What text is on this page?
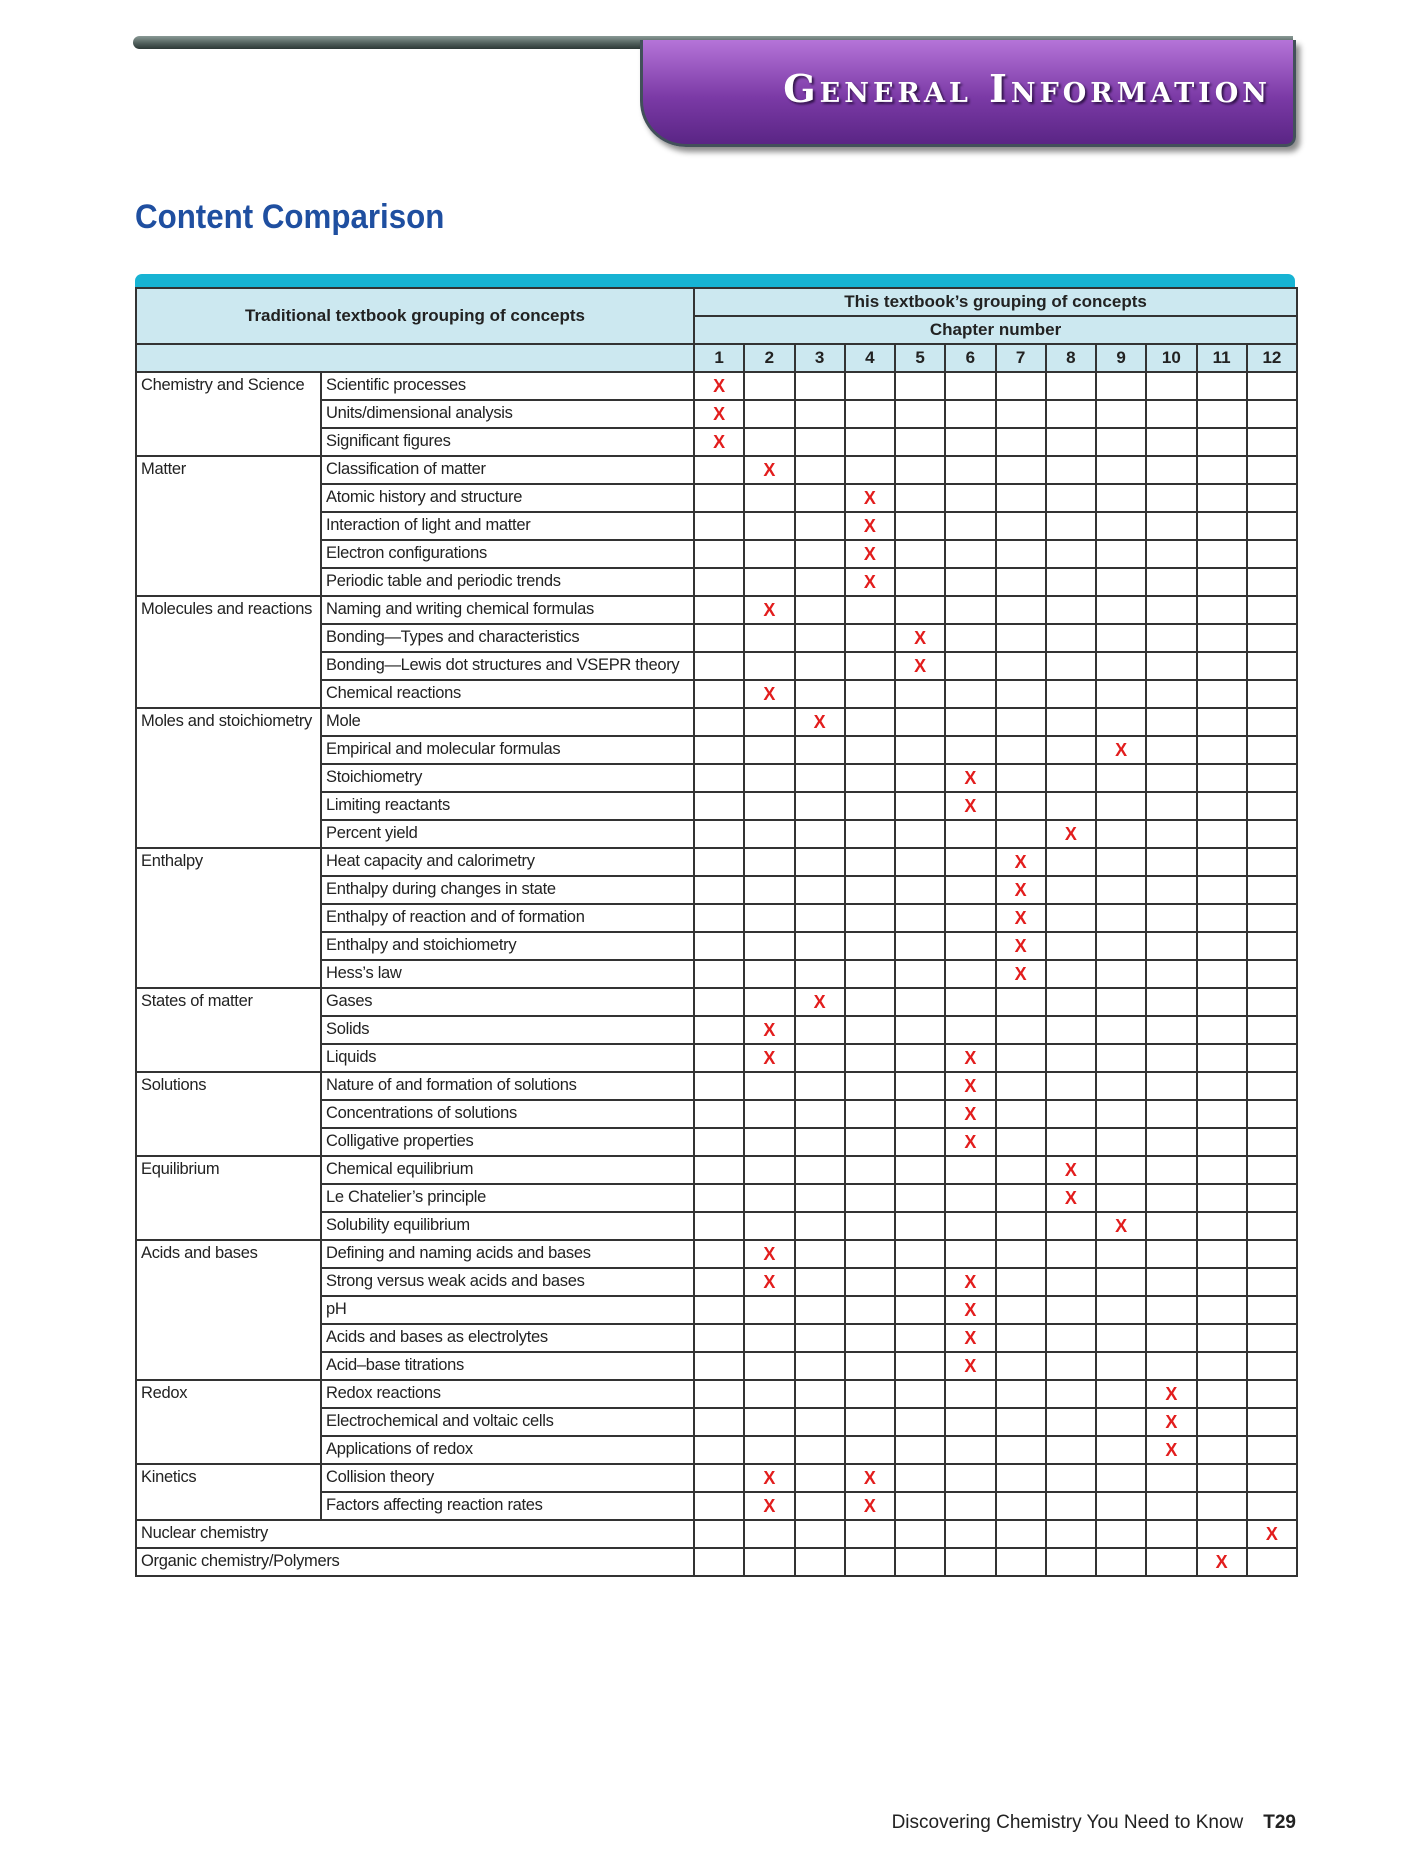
General Information
Content Comparison
Traditional textbook grouping of concepts		This textbook’s grouping of concepts											
		Chapter number											
		1	2	3	4	5	6	7	8	9	10	11	12
Chemistry and Science	Scientific processes	X											
	Units/dimensional analysis	X											
	Significant figures	X											
Matter	Classification of matter		X										
	Atomic history and structure				X								
	Interaction of light and matter				X								
	Electron configurations				X								
	Periodic table and periodic trends				X								
Molecules and reactions	Naming and writing chemical formulas		X										
	Bonding—Types and characteristics					X							
	Bonding—Lewis dot structures and VSEPR theory					X							
	Chemical reactions		X										
Moles and stoichiometry	Mole			X									
	Empirical and molecular formulas									X			
	Stoichiometry						X						
	Limiting reactants						X						
	Percent yield								X				
Enthalpy	Heat capacity and calorimetry							X					
	Enthalpy during changes in state							X					
	Enthalpy of reaction and of formation							X					
	Enthalpy and stoichiometry							X					
	Hess’s law							X					
States of matter	Gases			X									
	Solids		X										
	Liquids		X				X						
Solutions	Nature of and formation of solutions						X						
	Concentrations of solutions						X						
	Colligative properties						X						
Equilibrium	Chemical equilibrium								X				
	Le Chatelier’s principle								X				
	Solubility equilibrium									X			
Acids and bases	Defining and naming acids and bases		X										
	Strong versus weak acids and bases		X				X						
	pH						X						
	Acids and bases as electrolytes						X						
	Acid–base titrations						X						
Redox	Redox reactions										X		
	Electrochemical and voltaic cells										X		
	Applications of redox										X		
Kinetics	Collision theory		X		X								
	Factors affecting reaction rates		X		X								
Nuclear chemistry													X
Organic chemistry/Polymers												X	

Discovering Chemistry You Need to Know T29
